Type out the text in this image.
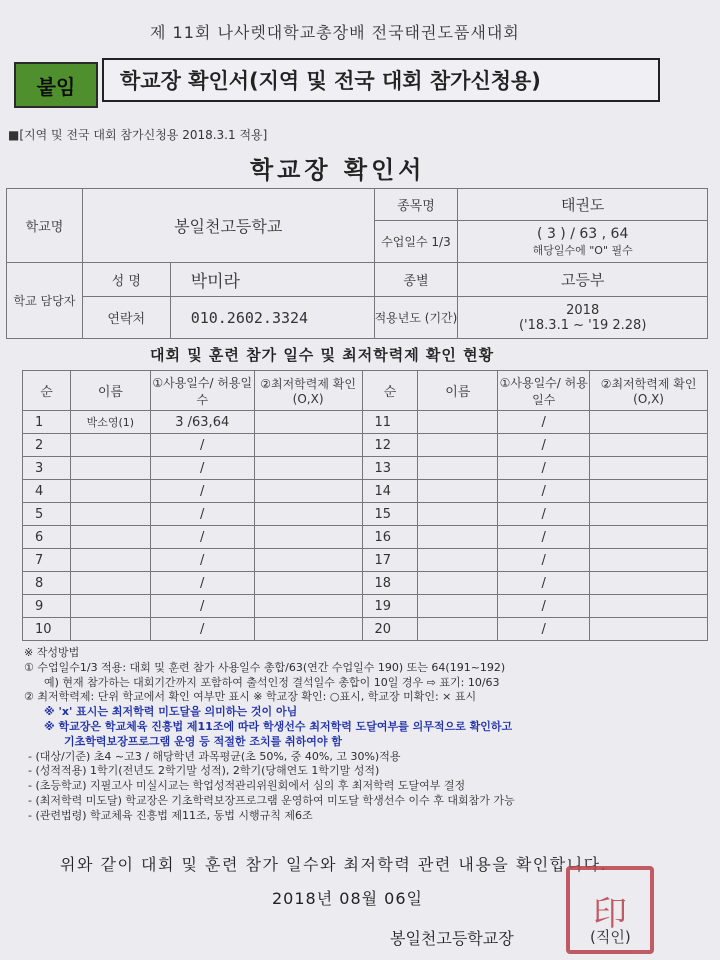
제 11회 나사렛대학교총장배 전국태권도품새대회
붙임	학교장 확인서(지역 및 전국 대회 참가신청용)
■[지역 및 전국 대회 참가신청용 2018.3.1 적용]
학교장 확인서
학교명	봉일천고등학교		종목명	태권도
			수업일수 1/3	( 3 ) / 63 , 64
해당일수에 "O" 필수

학교 담당자	성 명	박미라	종별	고등부
	연락처	010.2602.3324	적용년도 (기간)	2018
('18.3.1 ~ '19 2.28)
대회 및 훈련 참가 일수 및 최저학력제 확인 현황
순	이름	①사용일수/ 허용일수	②최저학력제 확인(O,X)	순	이름	①사용일수/ 허용일수	②최저학력제 확인(O,X)
1	박소영(1)	3 /63,64		11		/	
2		/		12		/	
3		/		13		/	
4		/		14		/	
5		/		15		/	
6		/		16		/	
7		/		17		/	
8		/		18		/	
9		/		19		/	
10		/		20		/	
※ 작성방법
① 수업일수1/3 적용: 대회 및 훈련 참가 사용일수 총합/63(연간 수업일수 190) 또는 64(191~192)
예) 현재 참가하는 대회기간까지 포함하여 출석인정 결석일수 총합이 10일 경우 ⇨ 표기: 10/63
② 최저학력제: 단위 학교에서 확인 여부만 표시 ※ 학교장 확인: ○표시, 학교장 미확인: × 표시
※ 'x' 표시는 최저학력 미도달을 의미하는 것이 아님
※ 학교장은 학교체육 진흥법 제11조에 따라 학생선수 최저학력 도달여부를 의무적으로 확인하고
기초학력보장프로그램 운영 등 적절한 조치를 취하여야 함
- (대상/기준) 초4 ~고3 / 해당학년 과목평균(초 50%, 중 40%, 고 30%)적용
- (성적적용) 1학기(전년도 2학기말 성적), 2학기(당해연도 1학기말 성적)
- (초등학교) 지필고사 미실시교는 학업성적관리위원회에서 심의 후 최저학력 도달여부 결정
- (최저학력 미도달) 학교장은 기초학력보장프로그램 운영하여 미도달 학생선수 이수 후 대회참가 가능
- (관련법령) 학교체육 진흥법 제11조, 동법 시행규칙 제6조
위와 같이 대회 및 훈련 참가 일수와 최저학력 관련 내용을 확인합니다.
2018년 08월 06일
봉일천고등학교장
印
(직인)
